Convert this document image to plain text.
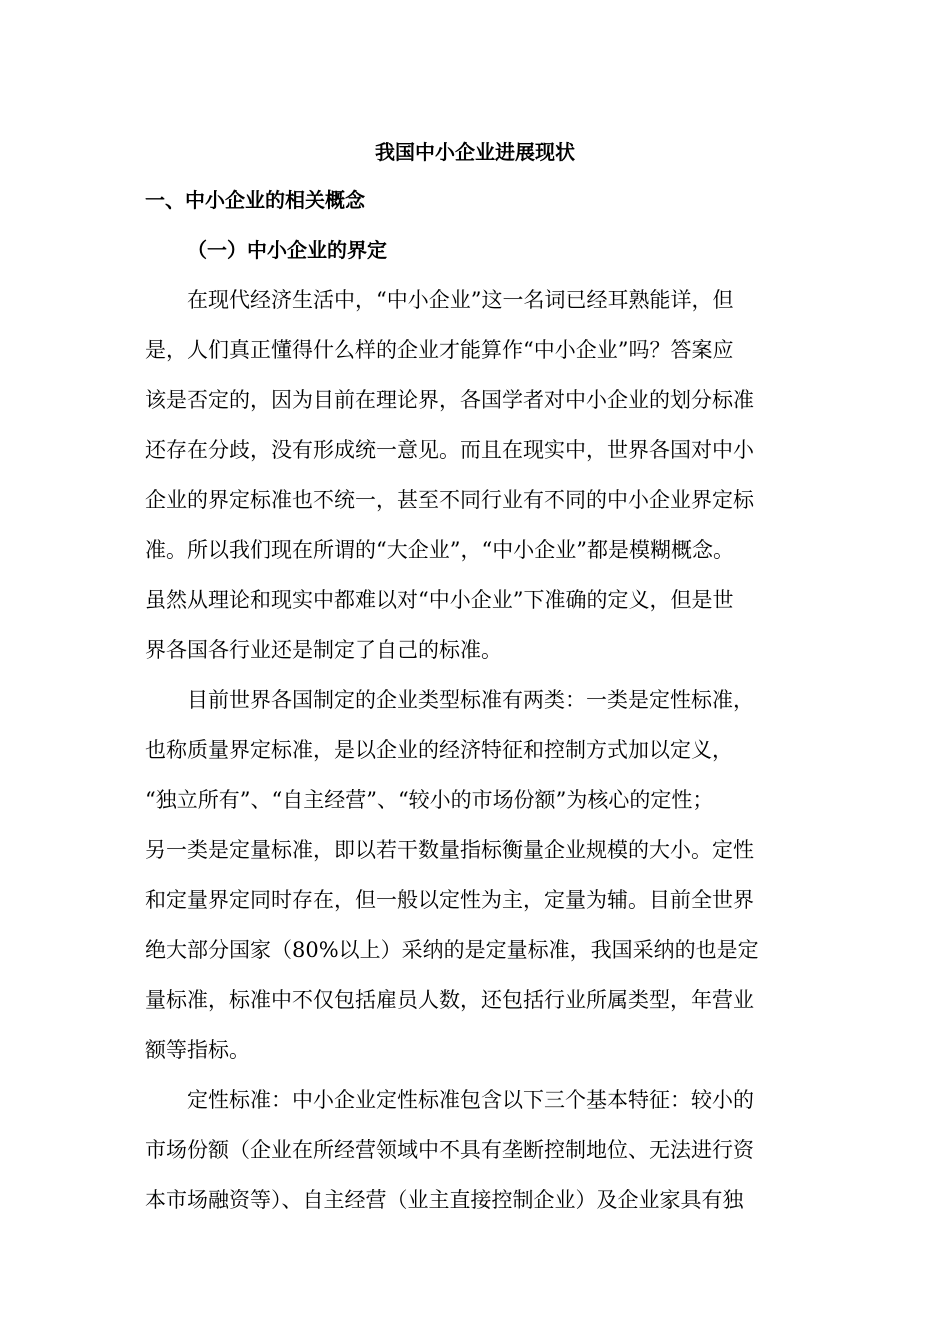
我国中小企业进展现状
一、中小企业的相关概念
（一）中小企业的界定
在现代经济生活中，“中小企业”这一名词已经耳熟能详，但
是，人们真正懂得什么样的企业才能算作“中小企业”吗？答案应
该是否定的，因为目前在理论界，各国学者对中小企业的划分标准
还存在分歧，没有形成统一意见。而且在现实中，世界各国对中小
企业的界定标准也不统一，甚至不同行业有不同的中小企业界定标
准。所以我们现在所谓的“大企业”，“中小企业”都是模糊概念。
虽然从理论和现实中都难以对“中小企业”下准确的定义，但是世
界各国各行业还是制定了自己的标准。
目前世界各国制定的企业类型标准有两类：一类是定性标准，
也称质量界定标准，是以企业的经济特征和控制方式加以定义，
“独立所有”、“自主经营”、“较小的市场份额”为核心的定性；
另一类是定量标准，即以若干数量指标衡量企业规模的大小。定性
和定量界定同时存在，但一般以定性为主，定量为辅。目前全世界
绝大部分国家（80%以上）采纳的是定量标准，我国采纳的也是定
量标准，标准中不仅包括雇员人数，还包括行业所属类型，年营业
额等指标。
定性标准：中小企业定性标准包含以下三个基本特征：较小的
市场份额（企业在所经营领域中不具有垄断控制地位、无法进行资
本市场融资等）、自主经营（业主直接控制企业）及企业家具有独
